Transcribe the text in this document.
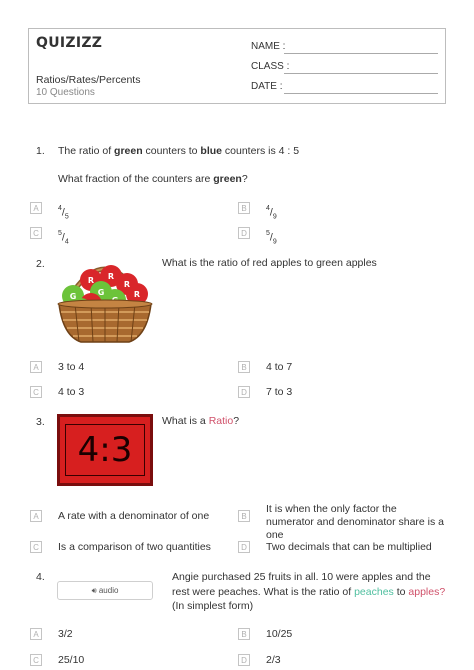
QUIZIZZ
Ratios/Rates/Percents
10 Questions
NAME :
CLASS :
DATE :
1. The ratio of green counters to blue counters is 4 : 5
What fraction of the counters are green?
A	$^4/_5$
B	$^4/_9$
C	$^5/_4$
D	$^5/_9$
2.
R R
R
G	G	R
What is the ratio of red apples to green apples
A	3 to 4	B	4 to 7
C 4 to 3	D 7 to 3
3.
4:3
What is a Ratio?
A	A rate with a denominator of one	B
It is when the only factor the numerator and denominator share is a one
C Is a comparison of two quantities	D Two decimals that can be multiplied
4.
🔊︎ audio
Angie purchased 25 fruits in all. 10 were apples and the rest were peaches. What is the ratio of peaches to apples? (In simplest form)
A	3/2	B	10/25
C 25/10	D 2/3
